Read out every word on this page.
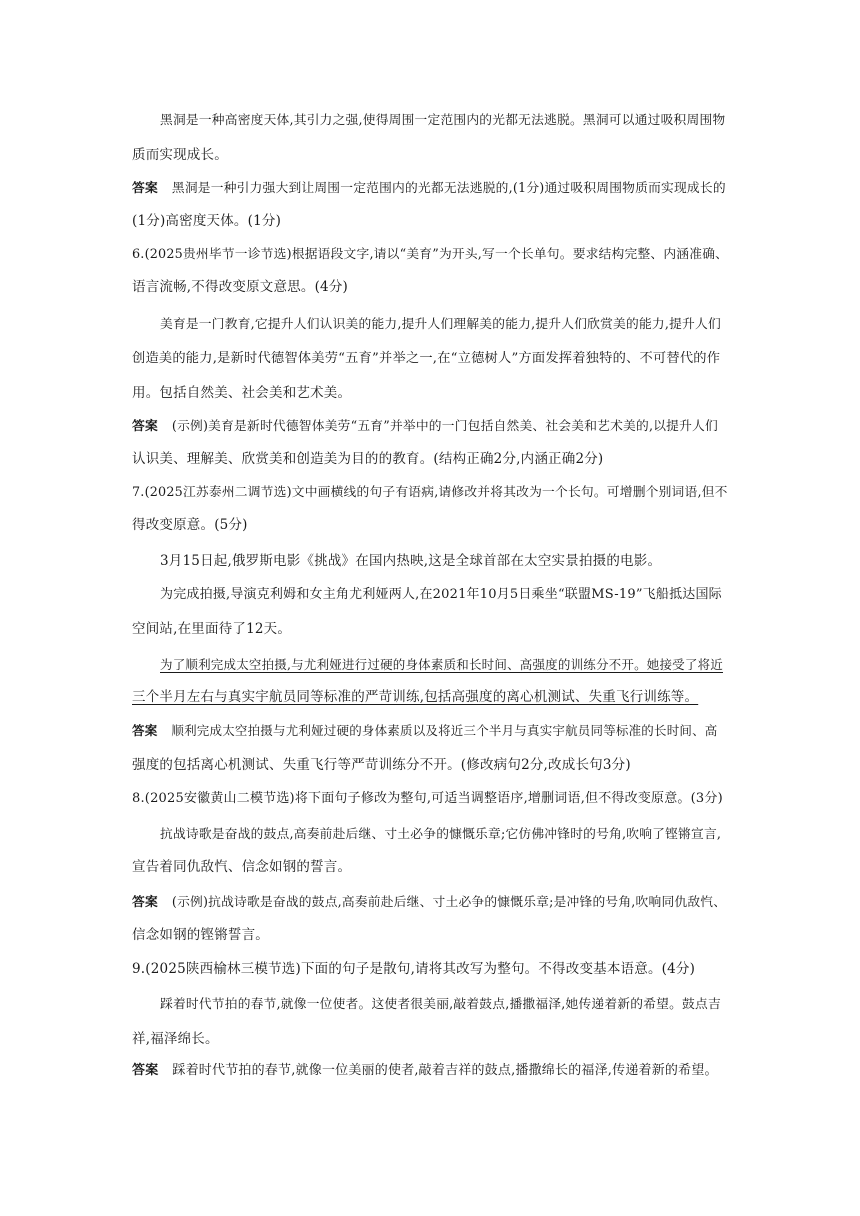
黑洞是一种高密度天体,其引力之强,使得周围一定范围内的光都无法逃脱。黑洞可以通过吸积周围物
质而实现成长。
答案 黑洞是一种引力强大到让周围一定范围内的光都无法逃脱的,(1分)通过吸积周围物质而实现成长的
(1分)高密度天体。(1分)
6.(2025贵州毕节一诊节选)根据语段文字,请以“美育”为开头,写一个长单句。要求结构完整、内涵准确、
语言流畅,不得改变原文意思。(4分)
美育是一门教育,它提升人们认识美的能力,提升人们理解美的能力,提升人们欣赏美的能力,提升人们
创造美的能力,是新时代德智体美劳“五育”并举之一,在“立德树人”方面发挥着独特的、不可替代的作
用。包括自然美、社会美和艺术美。
答案 (示例)美育是新时代德智体美劳“五育”并举中的一门包括自然美、社会美和艺术美的,以提升人们
认识美、理解美、欣赏美和创造美为目的的教育。(结构正确2分,内涵正确2分)
7.(2025江苏泰州二调节选)文中画横线的句子有语病,请修改并将其改为一个长句。可增删个别词语,但不
得改变原意。(5分)
3月15日起,俄罗斯电影《挑战》在国内热映,这是全球首部在太空实景拍摄的电影。
为完成拍摄,导演克利姆和女主角尤利娅两人,在2021年10月5日乘坐“联盟MS-19”飞船抵达国际
空间站,在里面待了12天。
为了顺利完成太空拍摄,与尤利娅进行过硬的身体素质和长时间、高强度的训练分不开。她接受了将近
三个半月左右与真实宇航员同等标准的严苛训练,包括高强度的离心机测试、失重飞行训练等。
答案 顺利完成太空拍摄与尤利娅过硬的身体素质以及将近三个半月与真实宇航员同等标准的长时间、高
强度的包括离心机测试、失重飞行等严苛训练分不开。(修改病句2分,改成长句3分)
8.(2025安徽黄山二模节选)将下面句子修改为整句,可适当调整语序,增删词语,但不得改变原意。(3分)
抗战诗歌是奋战的鼓点,高奏前赴后继、寸土必争的慷慨乐章;它仿佛冲锋时的号角,吹响了铿锵宣言,
宣告着同仇敌忾、信念如钢的誓言。
答案 (示例)抗战诗歌是奋战的鼓点,高奏前赴后继、寸土必争的慷慨乐章;是冲锋的号角,吹响同仇敌忾、
信念如钢的铿锵誓言。
9.(2025陕西榆林三模节选)下面的句子是散句,请将其改写为整句。不得改变基本语意。(4分)
踩着时代节拍的春节,就像一位使者。这使者很美丽,敲着鼓点,播撒福泽,她传递着新的希望。鼓点吉
祥,福泽绵长。
答案 踩着时代节拍的春节,就像一位美丽的使者,敲着吉祥的鼓点,播撒绵长的福泽,传递着新的希望。
